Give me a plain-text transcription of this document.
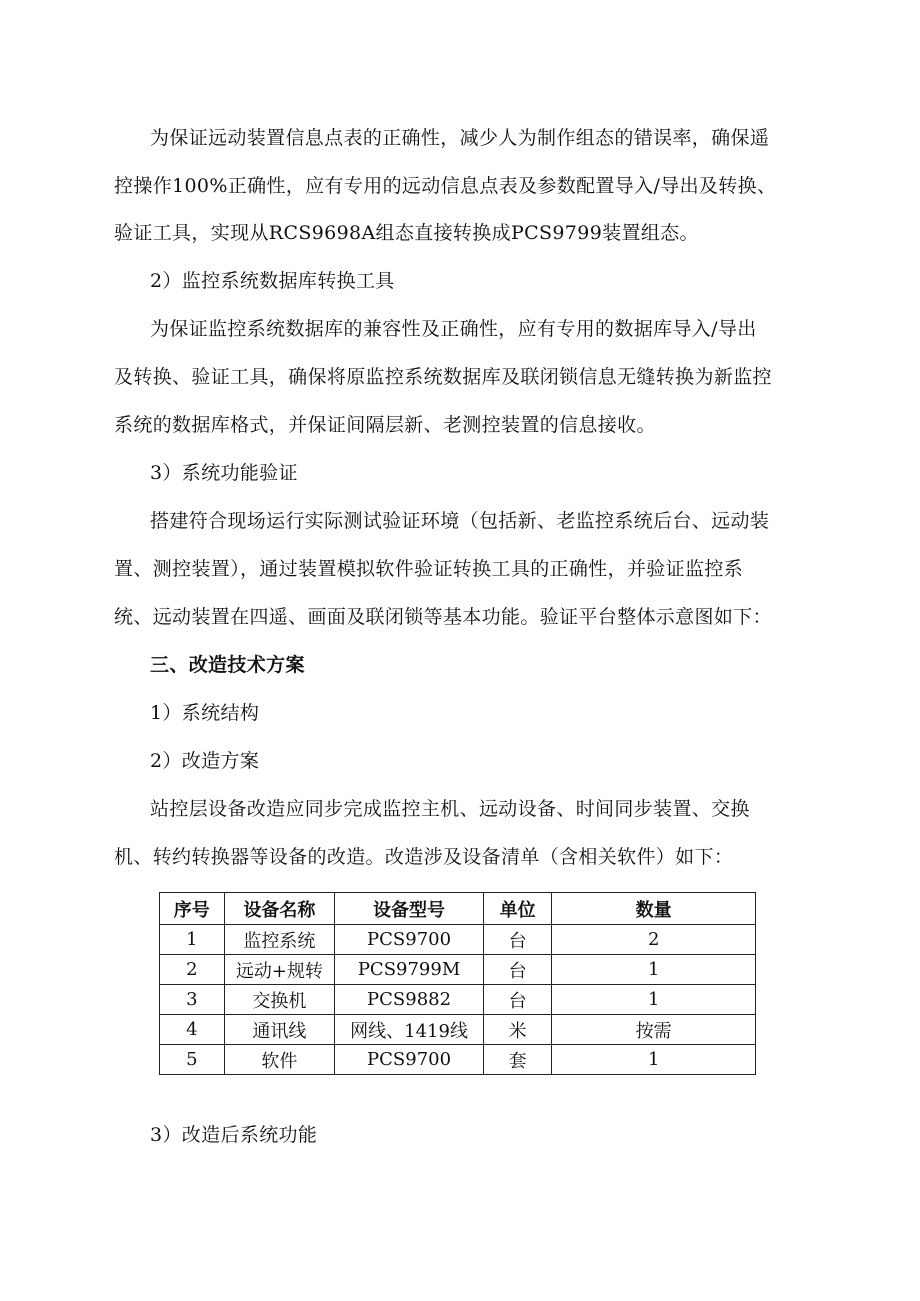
为保证远动装置信息点表的正确性，减少人为制作组态的错误率，确保遥
控操作100%正确性，应有专用的远动信息点表及参数配置导入/导出及转换、
验证工具，实现从RCS9698A组态直接转换成PCS9799装置组态。
2）监控系统数据库转换工具
为保证监控系统数据库的兼容性及正确性，应有专用的数据库导入/导出
及转换、验证工具，确保将原监控系统数据库及联闭锁信息无缝转换为新监控
系统的数据库格式，并保证间隔层新、老测控装置的信息接收。
3）系统功能验证
搭建符合现场运行实际测试验证环境（包括新、老监控系统后台、远动装
置、测控装置），通过装置模拟软件验证转换工具的正确性，并验证监控系
统、远动装置在四遥、画面及联闭锁等基本功能。验证平台整体示意图如下：
三、改造技术方案
1）系统结构
2）改造方案
站控层设备改造应同步完成监控主机、远动设备、时间同步装置、交换
机、转约转换器等设备的改造。改造涉及设备清单（含相关软件）如下：
序号	设备名称	设备型号	单位	数量
1	监控系统	PCS9700	台	2
2	远动+规转	PCS9799M	台	1
3	交换机	PCS9882	台	1
4	通讯线	网线、1419线	米	按需
5	软件	PCS9700	套	1
3）改造后系统功能
